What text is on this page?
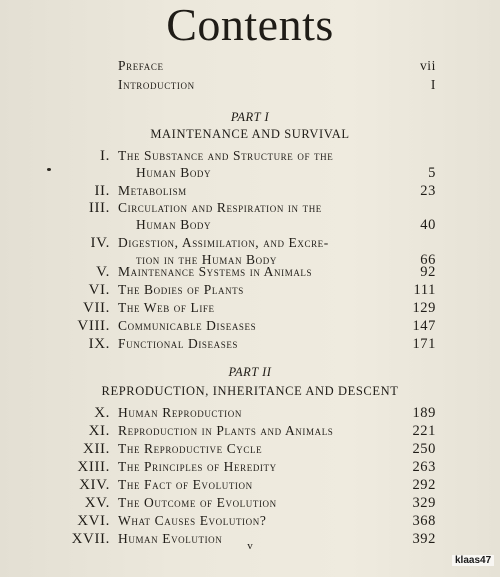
Contents
Preface	vii
Introduction	I
PART I
MAINTENANCE AND SURVIVAL
I. The Substance and Structure of the
Human Body	5
II. Metabolism	23
III. Circulation and Respiration in the
Human Body	40
IV. Digestion, Assimilation, and Excre-
tion in the Human Body	66
V. Maintenance Systems in Animals	92
VI. The Bodies of Plants	111
VII. The Web of Life	129
VIII. Communicable Diseases	147
IX. Functional Diseases	171
PART II
REPRODUCTION, INHERITANCE AND DESCENT
X. Human Reproduction	189
XI. Reproduction in Plants and Animals	221
XII. The Reproductive Cycle	250
XIII. The Principles of Heredity	263
XIV. The Fact of Evolution	292
XV. The Outcome of Evolution	329
XVI. What Causes Evolution?	368
XVII. Human Evolution	392
v
klaas47
